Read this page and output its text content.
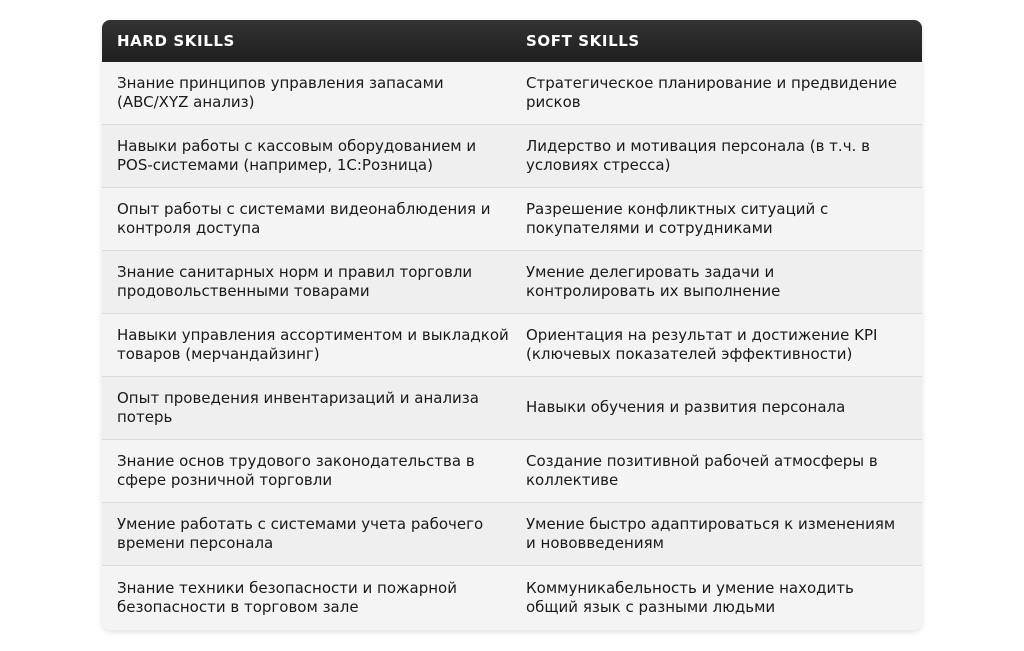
HARD SKILLS	SOFT SKILLS
Знание принципов управления запасами (ABC/XYZ анализ)
Стратегическое планирование и предвидение рисков
Навыки работы с кассовым оборудованием и POS-системами (например, 1С:Розница)
Лидерство и мотивация персонала (в т.ч. в условиях стресса)
Опыт работы с системами видеонаблюдения и контроля доступа
Разрешение конфликтных ситуаций с покупателями и сотрудниками
Знание санитарных норм и правил торговли продовольственными товарами
Умение делегировать задачи и контролировать их выполнение
Навыки управления ассортиментом и выкладкой товаров (мерчандайзинг)
Ориентация на результат и достижение KPI (ключевых показателей эффективности)
Опыт проведения инвентаризаций и анализа потерь
Навыки обучения и развития персонала
Знание основ трудового законодательства в сфере розничной торговли
Создание позитивной рабочей атмосферы в коллективе
Умение работать с системами учета рабочего времени персонала
Умение быстро адаптироваться к изменениям и нововведениям
Знание техники безопасности и пожарной безопасности в торговом зале
Коммуникабельность и умение находить общий язык с разными людьми
